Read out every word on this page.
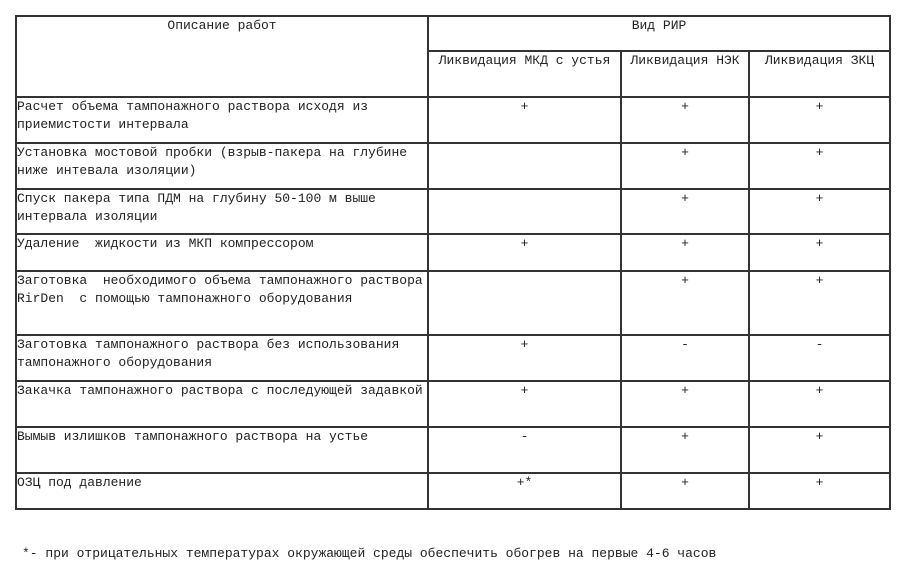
Описание работ	Вид РИР		
	Ликвидация МКД с устья	Ликвидация НЭК	Ликвидация ЗКЦ
Расчет объема тампонажного раствора исходя из приемистости интервала	+	+	+
Установка мостовой пробки (взрыв-пакера на глубине ниже интевала изоляции)		+	+
Спуск пакера типа ПДМ на глубину 50-100 м выше интервала изоляции		+	+
Удаление  жидкости из МКП компрессором	+	+	+
Заготовка  необходимого объема тампонажного раствора  RirDen  с помощью тампонажного оборудования		+	+
Заготовка тампонажного раствора без использования тампонажного оборудования	+	-	-
Закачка тампонажного раствора с последующей задавкой	+	+	+
Вымыв излишков тампонажного раствора на устье	-	+	+
ОЗЦ под давление	+*	+	+
*- при отрицательных температурах окружающей среды обеспечить обогрев на первые 4-6 часов
